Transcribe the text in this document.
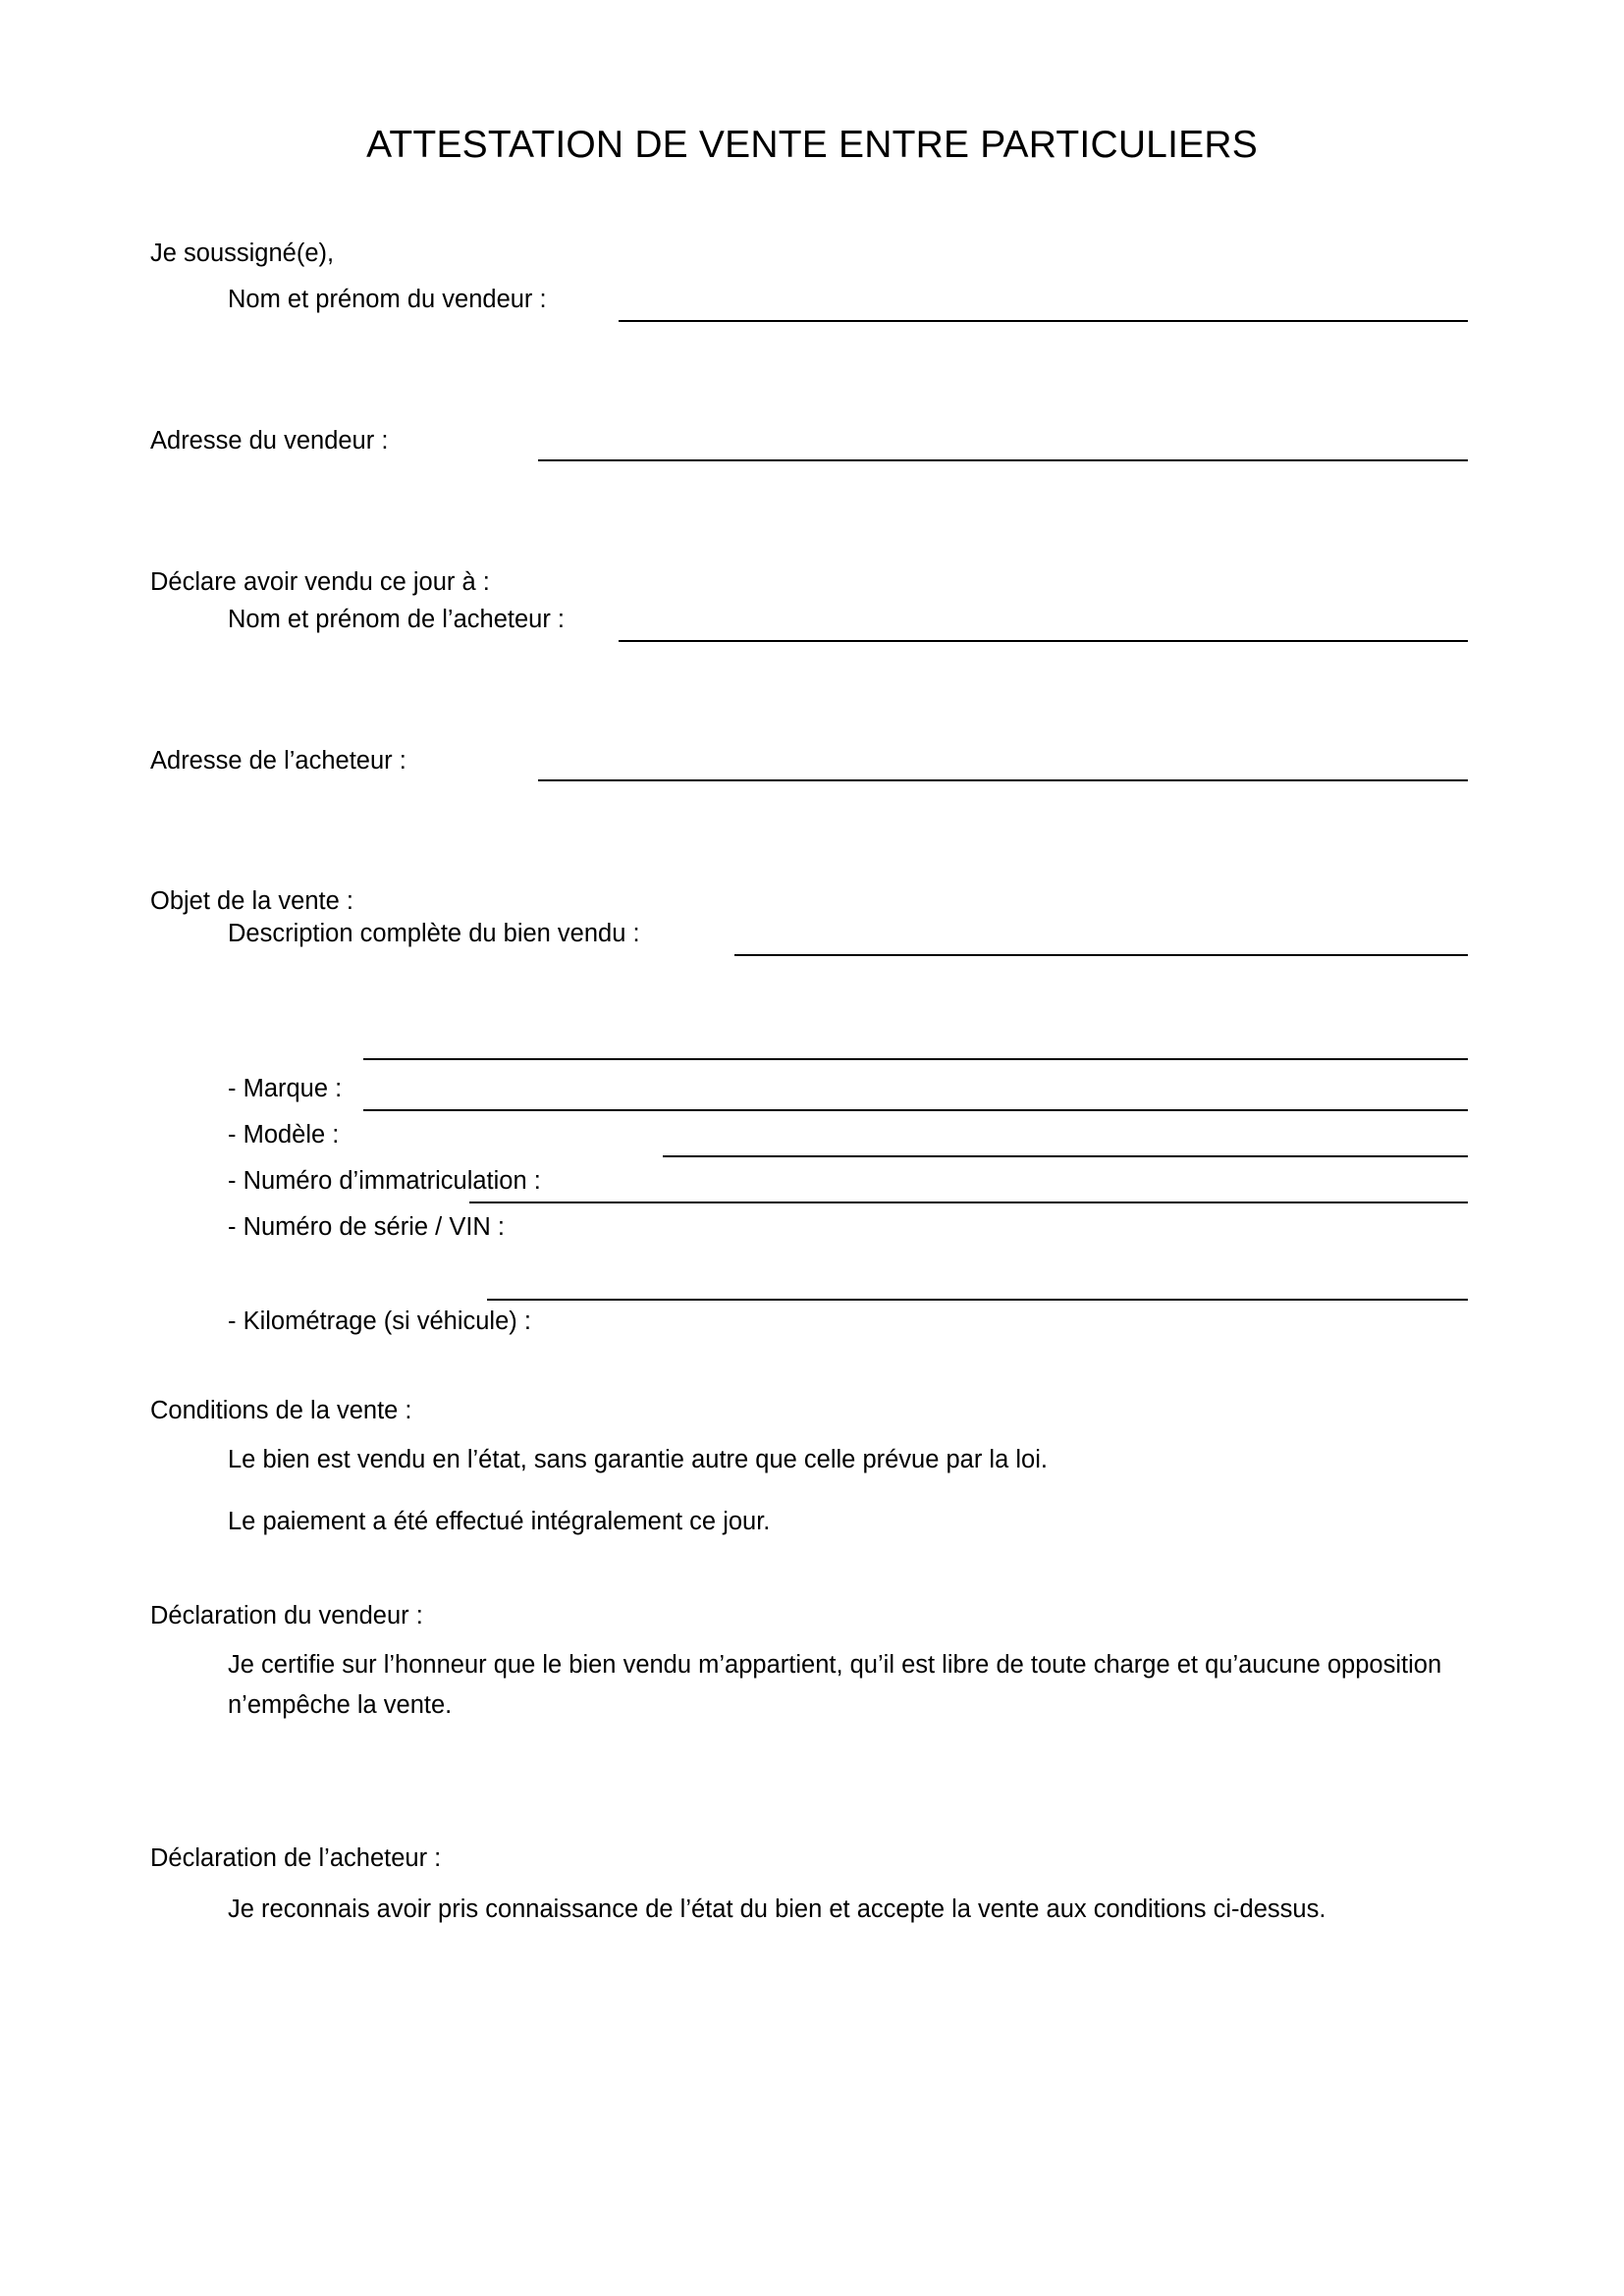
ATTESTATION DE VENTE ENTRE PARTICULIERS
Je soussigné(e),
Nom et prénom du vendeur :
Adresse du vendeur :
Déclare avoir vendu ce jour à :
Nom et prénom de l’acheteur :
Adresse de l’acheteur :
Objet de la vente :
Description complète du bien vendu :
- Marque :
- Modèle :
- Numéro d’immatriculation :
- Numéro de série / VIN :
- Kilométrage (si véhicule) :
Conditions de la vente :
Le bien est vendu en l’état, sans garantie autre que celle prévue par la loi.
Le paiement a été effectué intégralement ce jour.
Déclaration du vendeur :
Je certifie sur l’honneur que le bien vendu m’appartient, qu’il est libre de toute charge et qu’aucune opposition n’empêche la vente.
Déclaration de l’acheteur :
Je reconnais avoir pris connaissance de l’état du bien et accepte la vente aux conditions ci-dessus.
